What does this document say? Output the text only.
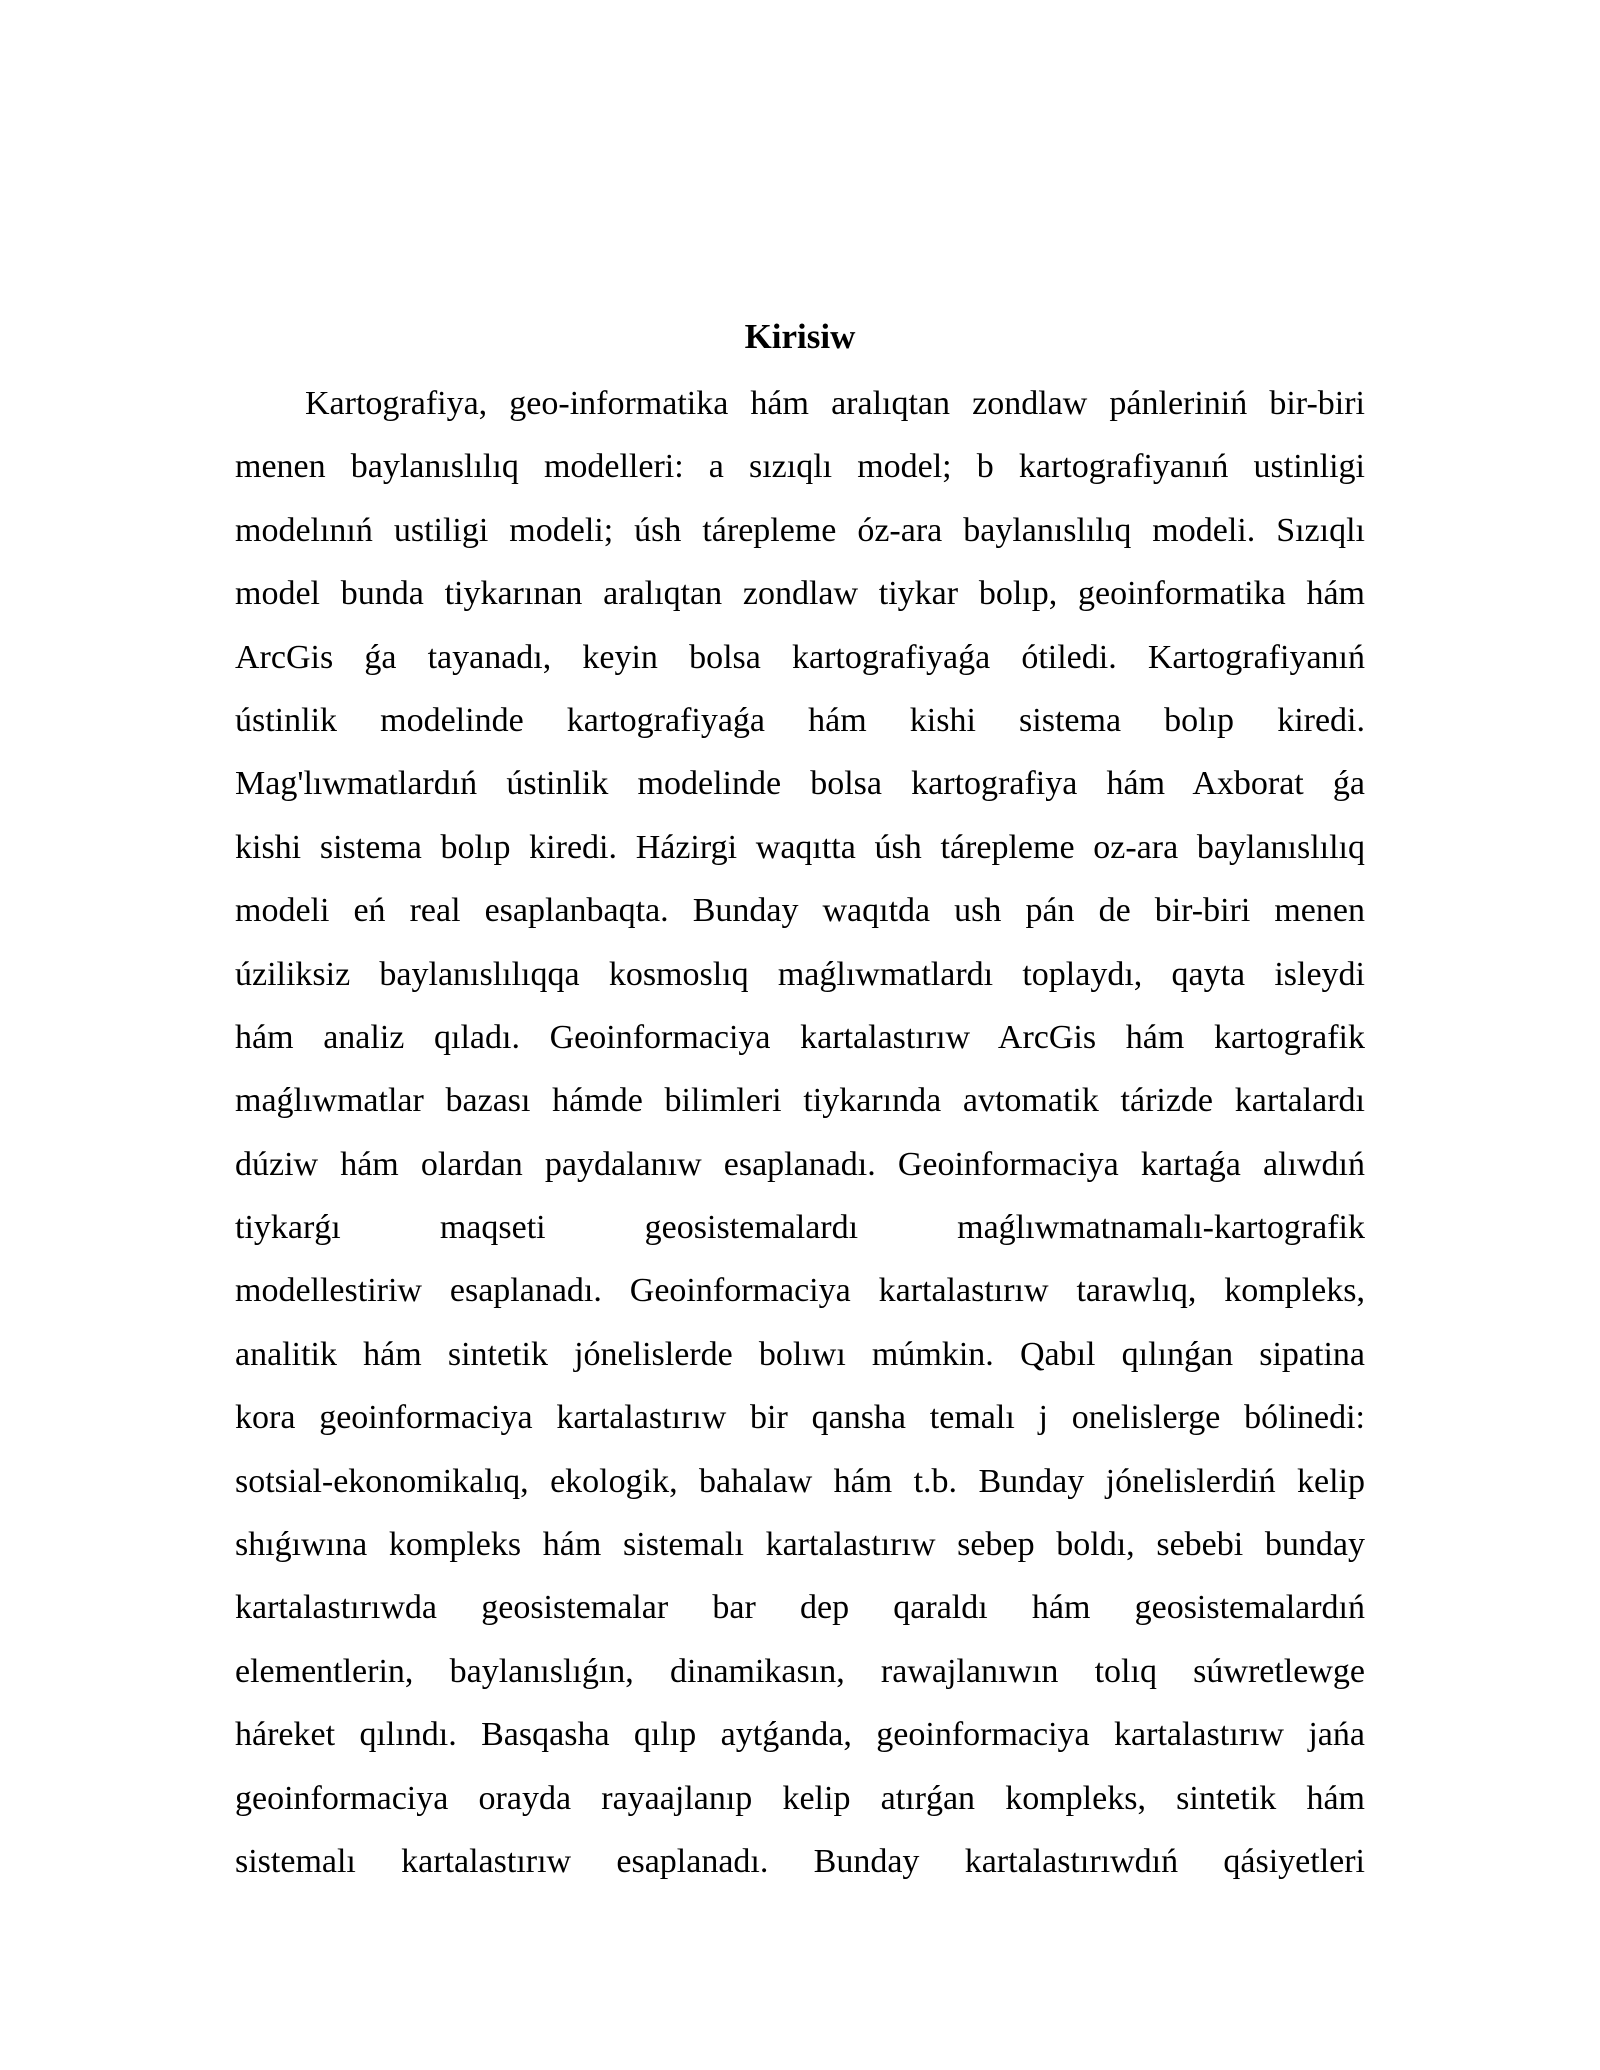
Kirisiw
Kartografiya, geo-informatika hám aralıqtan zondlaw pánleriniń bir-biri
menen baylanıslılıq modelleri: a sızıqlı model; b kartografiyanıń ustinligi
modelınıń ustiligi modeli; úsh tárepleme óz-ara baylanıslılıq modeli. Sızıqlı
model bunda tiykarınan aralıqtan zondlaw tiykar bolıp, geoinformatika hám
ArcGis ǵa tayanadı, keyin bolsa kartografiyaǵa ótiledi. Kartografiyanıń
ústinlik modelinde kartografiyaǵa hám kishi sistema bolıp kiredi.
Mag'lıwmatlardıń ústinlik modelinde bolsa kartografiya hám Axborat ǵa
kishi sistema bolıp kiredi. Házirgi waqıtta úsh tárepleme oz-ara baylanıslılıq
modeli eń real esaplanbaqta. Bunday waqıtda ush pán de bir-biri menen
úziliksiz baylanıslılıqqa kosmoslıq maǵlıwmatlardı toplaydı, qayta isleydi
hám analiz qıladı. Geoinformaciya kartalastırıw ArcGis hám kartografik
maǵlıwmatlar bazası hámde bilimleri tiykarında avtomatik tárizde kartalardı
dúziw hám olardan paydalanıw esaplanadı. Geoinformaciya kartaǵa alıwdıń
tiykarǵı maqseti geosistemalardı maǵlıwmatnamalı-kartografik
modellestiriw esaplanadı. Geoinformaciya kartalastırıw tarawlıq, kompleks,
analitik hám sintetik jónelislerde bolıwı múmkin. Qabıl qılınǵan sipatina
kora geoinformaciya kartalastırıw bir qansha temalı j onelislerge bólinedi:
sotsial-ekonomikalıq, ekologik, bahalaw hám t.b. Bunday jónelislerdiń kelip
shıǵıwına kompleks hám sistemalı kartalastırıw sebep boldı, sebebi bunday
kartalastırıwda geosistemalar bar dep qaraldı hám geosistemalardıń
elementlerin, baylanıslıǵın, dinamikasın, rawajlanıwın tolıq súwretlewge
háreket qılındı. Basqasha qılıp aytǵanda, geoinformaciya kartalastırıw jańa
geoinformaciya orayda rayaajlanıp kelip atırǵan kompleks, sintetik hám
sistemalı kartalastırıw esaplanadı. Bunday kartalastırıwdıń qásiyetleri
